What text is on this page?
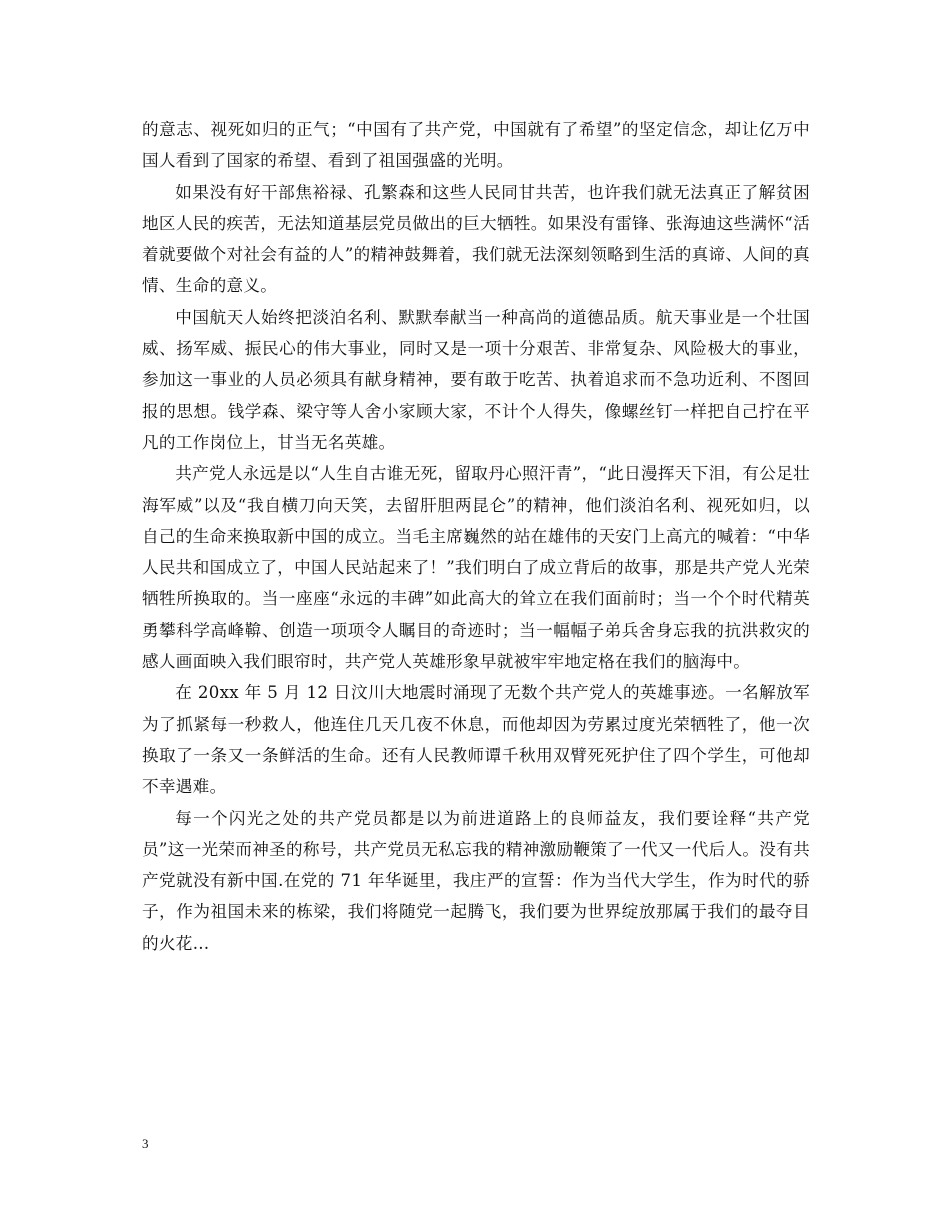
的意志、视死如归的正气；“中国有了共产党，中国就有了希望”的坚定信念，却让亿万中国人看到了国家的希望、看到了祖国强盛的光明。

如果没有好干部焦裕禄、孔繁森和这些人民同甘共苦，也许我们就无法真正了解贫困地区人民的疾苦，无法知道基层党员做出的巨大牺牲。如果没有雷锋、张海迪这些满怀“活着就要做个对社会有益的人”的精神鼓舞着，我们就无法深刻领略到生活的真谛、人间的真情、生命的意义。

中国航天人始终把淡泊名利、默默奉献当一种高尚的道德品质。航天事业是一个壮国威、扬军威、振民心的伟大事业，同时又是一项十分艰苦、非常复杂、风险极大的事业，参加这一事业的人员必须具有献身精神，要有敢于吃苦、执着追求而不急功近利、不图回报的思想。钱学森、梁守等人舍小家顾大家，不计个人得失，像螺丝钉一样把自己拧在平凡的工作岗位上，甘当无名英雄。

共产党人永远是以“人生自古谁无死，留取丹心照汗青”，“此日漫挥天下泪，有公足壮海军威”以及“我自横刀向天笑，去留肝胆两昆仑”的精神，他们淡泊名利、视死如归，以自己的生命来换取新中国的成立。当毛主席巍然的站在雄伟的天安门上高亢的喊着：“中华人民共和国成立了，中国人民站起来了！”我们明白了成立背后的故事，那是共产党人光荣牺牲所换取的。当一座座“永远的丰碑”如此高大的耸立在我们面前时；当一个个时代精英勇攀科学高峰鞥、创造一项项令人瞩目的奇迹时；当一幅幅子弟兵舍身忘我的抗洪救灾的感人画面映入我们眼帘时，共产党人英雄形象早就被牢牢地定格在我们的脑海中。

在 20xx 年 5 月 12 日汶川大地震时涌现了无数个共产党人的英雄事迹。一名解放军为了抓紧每一秒救人，他连住几天几夜不休息，而他却因为劳累过度光荣牺牲了，他一次换取了一条又一条鲜活的生命。还有人民教师谭千秋用双臂死死护住了四个学生，可他却不幸遇难。

每一个闪光之处的共产党员都是以为前进道路上的良师益友，我们要诠释“共产党员”这一光荣而神圣的称号，共产党员无私忘我的精神激励鞭策了一代又一代后人。没有共产党就没有新中国.在党的 71 年华诞里，我庄严的宣誓：作为当代大学生，作为时代的骄子，作为祖国未来的栋梁，我们将随党一起腾飞，我们要为世界绽放那属于我们的最夺目的火花…

3
